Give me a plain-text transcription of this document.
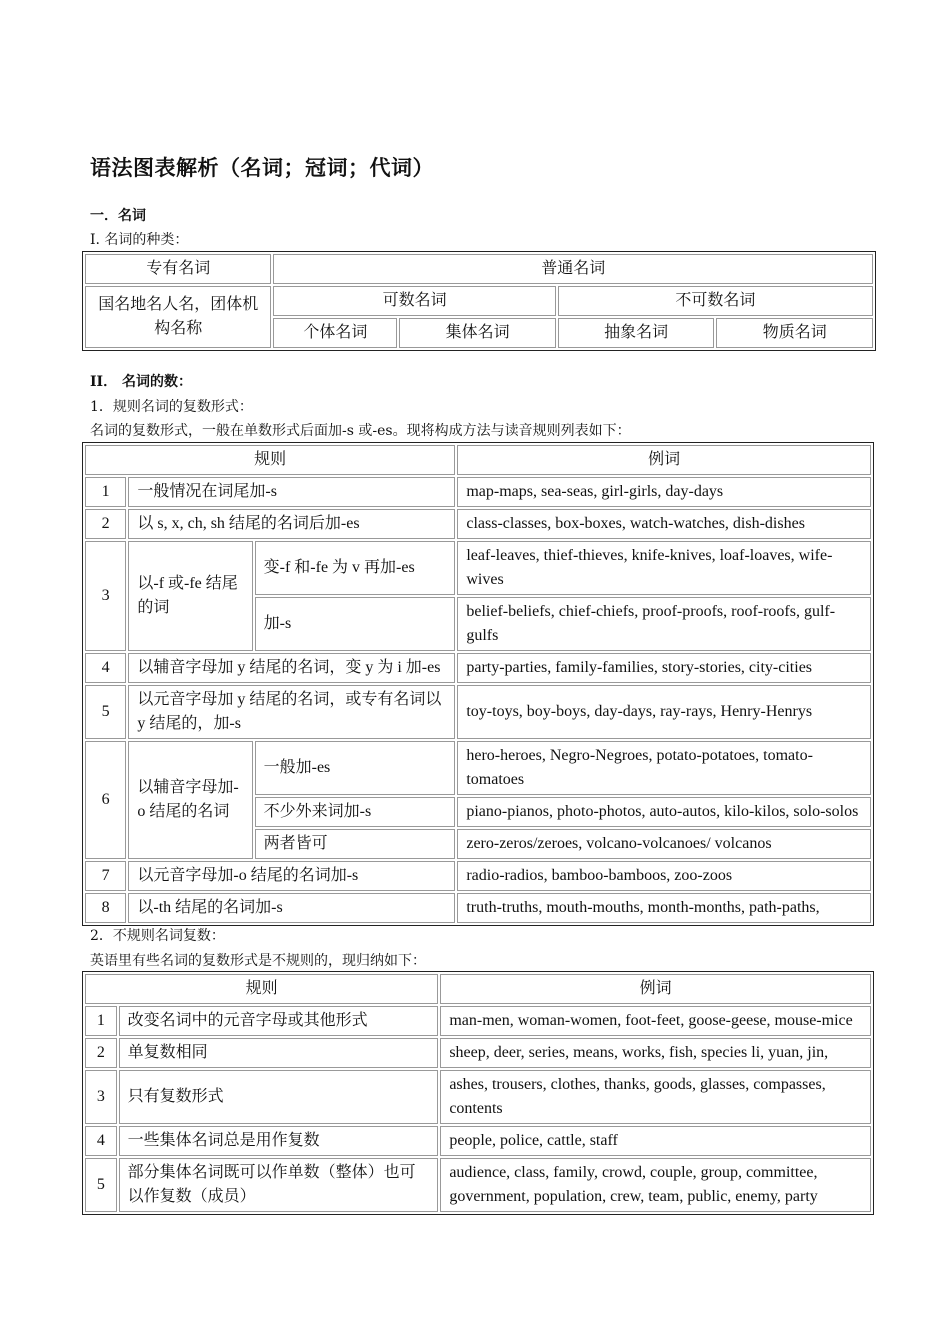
语法图表解析（名词；冠词；代词）
一．名词
I. 名词的种类：
专有名词	普通名词			
国名地名人名，团体机构名称	可数名词		不可数名词	
	个体名词	集体名词	抽象名词	物质名词
II． 名词的数：
1．规则名词的复数形式：
名词的复数形式，一般在单数形式后面加-s 或-es。现将构成方法与读音规则列表如下：
规则			例词
1	一般情况在词尾加-s		map-maps, sea-seas, girl-girls, day-days
2	以 s, x, ch, sh 结尾的名词后加-es		class-classes, box-boxes, watch-watches, dish-dishes
3	以-f 或-fe 结尾的词	变-f 和-fe 为 v 再加-es	leaf-leaves, thief-thieves, knife-knives, loaf-loaves, wife-wives
		加-s	belief-beliefs, chief-chiefs, proof-proofs, roof-roofs, gulf-gulfs
4	以辅音字母加 y 结尾的名词，变 y 为 i 加-es		party-parties, family-families, story-stories, city-cities
5	以元音字母加 y 结尾的名词，或专有名词以 y 结尾的，加-s		toy-toys, boy-boys, day-days, ray-rays, Henry-Henrys
6	以辅音字母加-o 结尾的名词	一般加-es	hero-heroes, Negro-Negroes, potato-potatoes, tomato-tomatoes
		不少外来词加-s	piano-pianos, photo-photos, auto-autos, kilo-kilos, solo-solos
		两者皆可	zero-zeros/zeroes, volcano-volcanoes/ volcanos
7	以元音字母加-o 结尾的名词加-s		radio-radios, bamboo-bamboos, zoo-zoos
8	以-th 结尾的名词加-s		truth-truths, mouth-mouths, month-months, path-paths,
2．不规则名词复数：
英语里有些名词的复数形式是不规则的，现归纳如下：
规则		例词
1	改变名词中的元音字母或其他形式	man-men, woman-women, foot-feet, goose-geese, mouse-mice
2	单复数相同	sheep, deer, series, means, works, fish, species li, yuan, jin,
3	只有复数形式	ashes, trousers, clothes, thanks, goods, glasses, compasses, contents
4	一些集体名词总是用作复数	people, police, cattle, staff
5	部分集体名词既可以作单数（整体）也可以作复数（成员）	audience, class, family, crowd, couple, group, committee, government, population, crew, team, public, enemy, party
